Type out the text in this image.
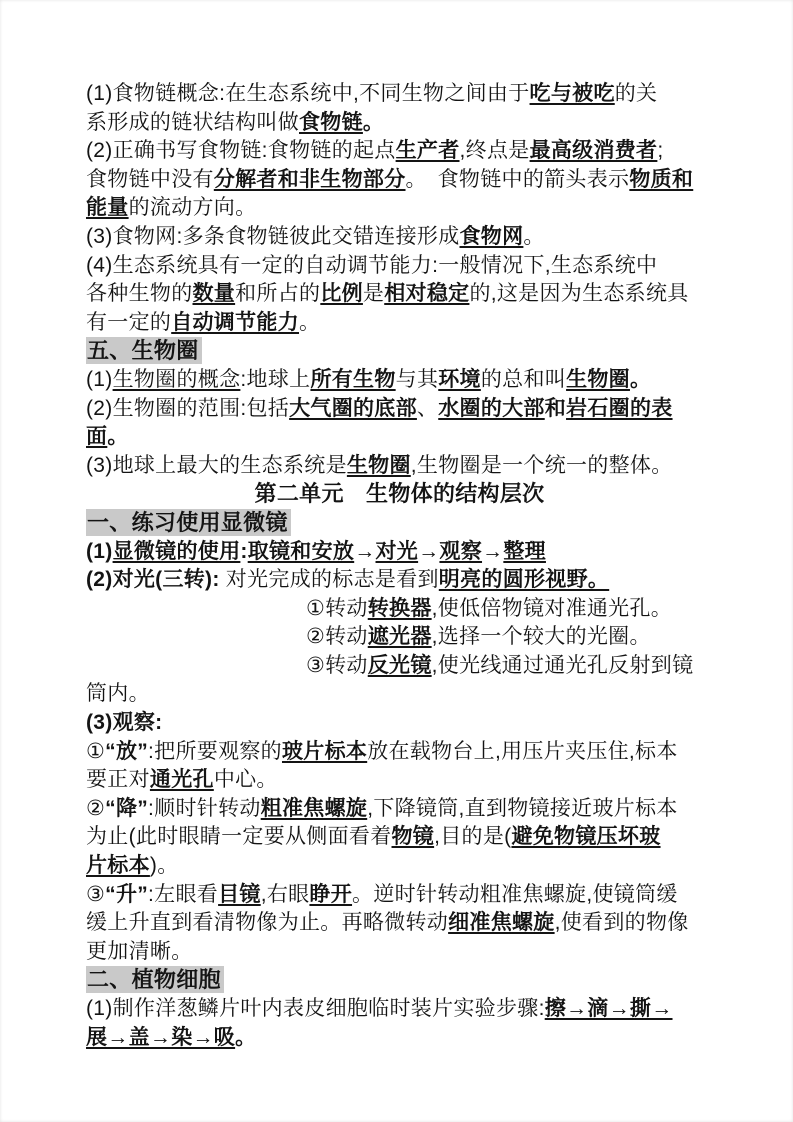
(1)食物链概念:在生态系统中,不同生物之间由于吃与被吃的关
系形成的链状结构叫做食物链。
(2)正确书写食物链:食物链的起点生产者,终点是最高级消费者;
食物链中没有分解者和非生物部分。　食物链中的箭头表示物质和
能量的流动方向。
(3)食物网:多条食物链彼此交错连接形成食物网。
(4)生态系统具有一定的自动调节能力:一般情况下,生态系统中
各种生物的数量和所占的比例是相对稳定的,这是因为生态系统具
有一定的自动调节能力。
五、生物圈
(1)生物圈的概念:地球上所有生物与其环境的总和叫生物圈。
(2)生物圈的范围:包括大气圈的底部、水圈的大部和岩石圈的表
面。
(3)地球上最大的生态系统是生物圈,生物圈是一个统一的整体。
第二单元　生物体的结构层次
一、练习使用显微镜
(1)显微镜的使用:取镜和安放→对光→观察→整理
(2)对光(三转): 对光完成的标志是看到明亮的圆形视野。
①转动转换器,使低倍物镜对准通光孔。
②转动遮光器,选择一个较大的光圈。
③转动反光镜,使光线通过通光孔反射到镜
筒内。
(3)观察:
①“放”:把所要观察的玻片标本放在载物台上,用压片夹压住,标本
要正对通光孔中心。
②“降”:顺时针转动粗准焦螺旋,下降镜筒,直到物镜接近玻片标本
为止(此时眼睛一定要从侧面看着物镜,目的是(避免物镜压坏玻
片标本)。
③“升”:左眼看目镜,右眼睁开。逆时针转动粗准焦螺旋,使镜筒缓
缓上升直到看清物像为止。再略微转动细准焦螺旋,使看到的物像
更加清晰。
二、植物细胞
(1)制作洋葱鳞片叶内表皮细胞临时装片实验步骤:擦→滴→撕→
展→盖→染→吸。
